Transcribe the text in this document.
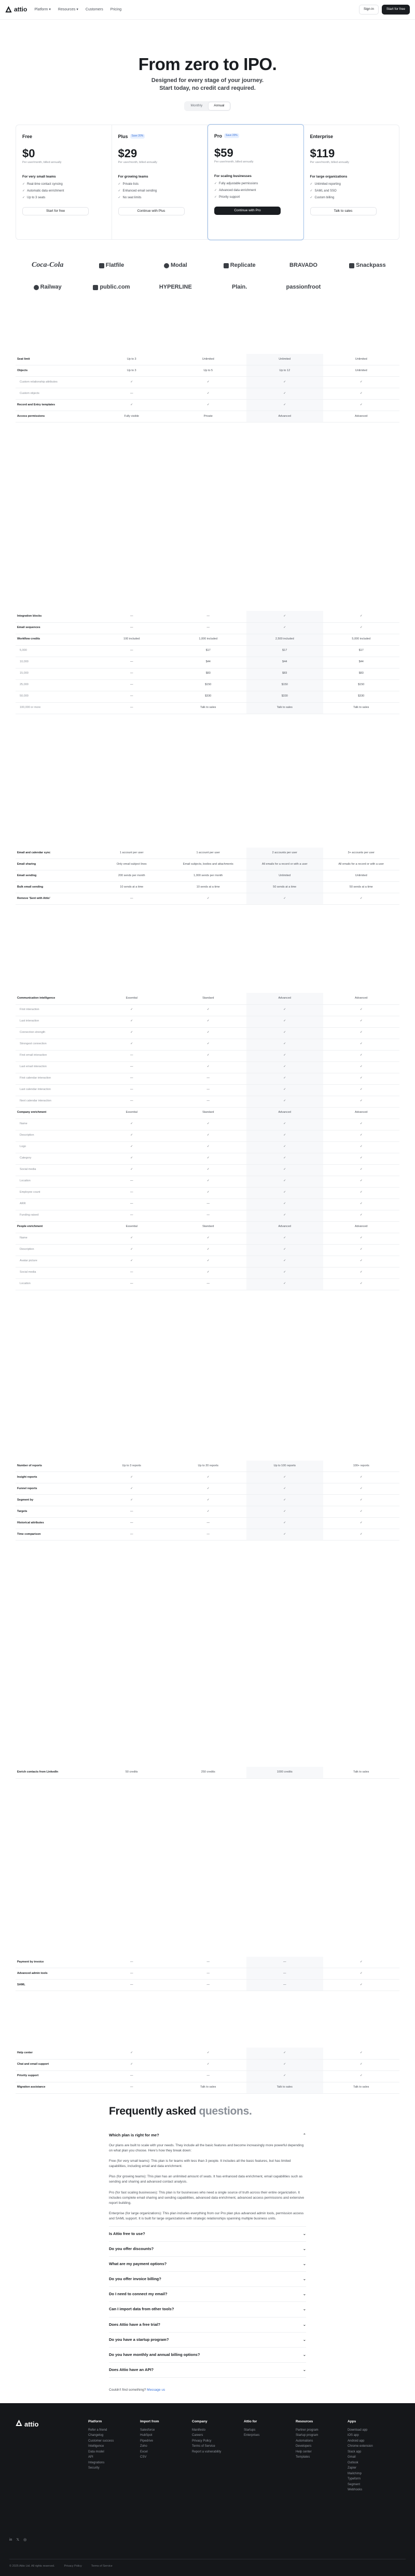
attio Platform ▾ Resources ▾ Customers Pricing	Sign in	Start for free
From zero to IPO.

Designed for every stage of your journey.
Start today, no credit card required.

Monthly	Annual
Free
$0
Per user/month, billed annually
For very small teams
✓ Real-time contact syncing
✓ Automatic data enrichment
✓ Up to 3 seats
Start for free
Plus	Save 20%
$29
Per user/month, billed annually
For growing teams
✓ Private lists
✓ Enhanced email sending
✓ No seat limits
Continue with Plus
Pro	Save 20%
$59
Per user/month, billed annually
For scaling businesses
✓ Fully adjustable permissions
✓ Advanced data enrichment
✓ Priority support
Continue with Pro
Enterprise
$119
Per user/month, billed annually
For large organizations
✓ Unlimited reporting
✓ SAML and SSO
✓ Custom billing
Talk to sales
Coca-Cola	Flatfile	Modal	Replicate	BRAVADO	Snackpass
Railway	public.com	HYPERLINE	Plain.	passionfroot
Seat limit	Up to 3	Unlimited	Unlimited	Unlimited
Objects	Up to 3	Up to 5	Up to 12	Unlimited
Custom relationship attributes	✓	✓	✓	✓
Custom objects	—	✓	✓	✓
Record and Entry templates	✓	✓	✓	✓
Access permissions	Fully visible	Private	Advanced	Advanced
Integration blocks	—	—	✓	✓
Email sequences	—	—	✓	✓
Workflow credits	100 included	1,000 included	2,500 included	5,000 included
5,000	—	$17	$17	$17
10,000	—	$44	$44	$44
15,000	—	$83	$83	$83
25,000	—	$150	$150	$150
50,000	—	$330	$330	$330
100,000 or more	—	Talk to sales	Talk to sales	Talk to sales
Email and calendar sync	1 account per user	1 account per user	2 accounts per user	3+ accounts per user
Email sharing	Only email subject lines	Email subjects, bodies and attachments	All emails for a record or with a user	All emails for a record or with a user
Email sending	200 sends per month	1,000 sends per month	Unlimited	Unlimited
Bulk email sending	10 sends at a time	10 sends at a time	50 sends at a time	50 sends at a time
Remove 'Sent with Attio'	—	✓	✓	✓
Communication intelligence	Essential	Standard	Advanced	Advanced
First interaction	✓	✓	✓	✓
Last interaction	✓	✓	✓	✓
Connection strength	✓	✓	✓	✓
Strongest connection	✓	✓	✓	✓
First email interaction	—	✓	✓	✓
Last email interaction	—	✓	✓	✓
First calendar interaction	—	—	✓	✓
Last calendar interaction	—	—	✓	✓
Next calendar interaction	—	—	✓	✓
Company enrichment	Essential	Standard	Advanced	Advanced
Name	✓	✓	✓	✓
Description	✓	✓	✓	✓
Logo	✓	✓	✓	✓
Category	✓	✓	✓	✓
Social media	✓	✓	✓	✓
Location	—	✓	✓	✓
Employee count	—	✓	✓	✓
ARR	—	—	✓	✓
Funding raised	—	—	✓	✓
People enrichment	Essential	Standard	Advanced	Advanced
Name	✓	✓	✓	✓
Description	✓	✓	✓	✓
Avatar picture	✓	✓	✓	✓
Social media	—	✓	✓	✓
Location	—	—	✓	✓
Number of reports	Up to 3 reports	Up to 20 reports	Up to 100 reports	100+ reports
Insight reports	✓	✓	✓	✓
Funnel reports	✓	✓	✓	✓
Segment by	✓	✓	✓	✓
Targets	—	✓	✓	✓
Historical attributes	—	—	✓	✓
Time comparison	—	—	✓	✓
Enrich contacts from LinkedIn	50 credits	250 credits	1000 credits	Talk to sales
Payment by invoice	—	—	—	✓
Advanced admin tools	—	—	—	✓
SAML	—	—	—	✓
Help center	✓	✓	✓	✓
Chat and email support	✓	✓	✓	✓
Priority support	—	—	✓	✓
Migration assistance	—	Talk to sales	Talk to sales	Talk to sales
Frequently asked questions.
Which plan is right for me?	⌃

Our plans are built to scale with your needs. They include all the basic features and become increasingly more powerful depending on what plan you choose. Here's how they break down:

Free (for very small teams): This plan is for teams with less than 3 people. It includes all the basic features, but has limited capabilities, including email and data enrichment.

Plus (for growing teams): This plan has an unlimited amount of seats. It has enhanced data enrichment, email capabilities such as sending and sharing and advanced contact analysis.

Pro (for fast scaling businesses): This plan is for businesses who need a single source of truth across their entire organization. It includes complete email sharing and sending capabilities, advanced data enrichment, advanced access permissions and extensive report building.

Enterprise (for large organizations): This plan includes everything from our Pro plan plus advanced admin tools, permission access and SAML support. It is built for large organizations with strategic relationships spanning multiple business units.

Is Attio free to use?	⌄
Do you offer discounts?	⌄
What are my payment options?	⌄
Do you offer invoice billing?	⌄
Do I need to connect my email?	⌄
Can I import data from other tools?	⌄
Does Attio have a free trial?	⌄
Do you have a startup program?	⌄
Do you have monthly and annual billing options?	⌄
Does Attio have an API?	⌄
Couldn't find something? Message us
attio	Platform
Refer a friend
Changelog
Customer success
Intelligence
Data model
API
Integrations
Security
Import from
Salesforce
HubSpot
Pipedrive
Zoho
Excel
CSV
Company
Manifesto
Careers
Privacy Policy
Terms of Service
Report a vulnerability
Attio for
Startups
Enterprises
Resources
Partner program
Startup program
Automations
Developers
Help center
Templates
Apps
Download app
iOS app
Android app
Chrome extension
Slack app
Gmail
Outlook
Zapier
Mailchimp
Typeform
Segment
Webhooks
in 𝕏 ◎
© 2025 Attio Ltd. All rights reserved.	Privacy Policy	Terms of Service
